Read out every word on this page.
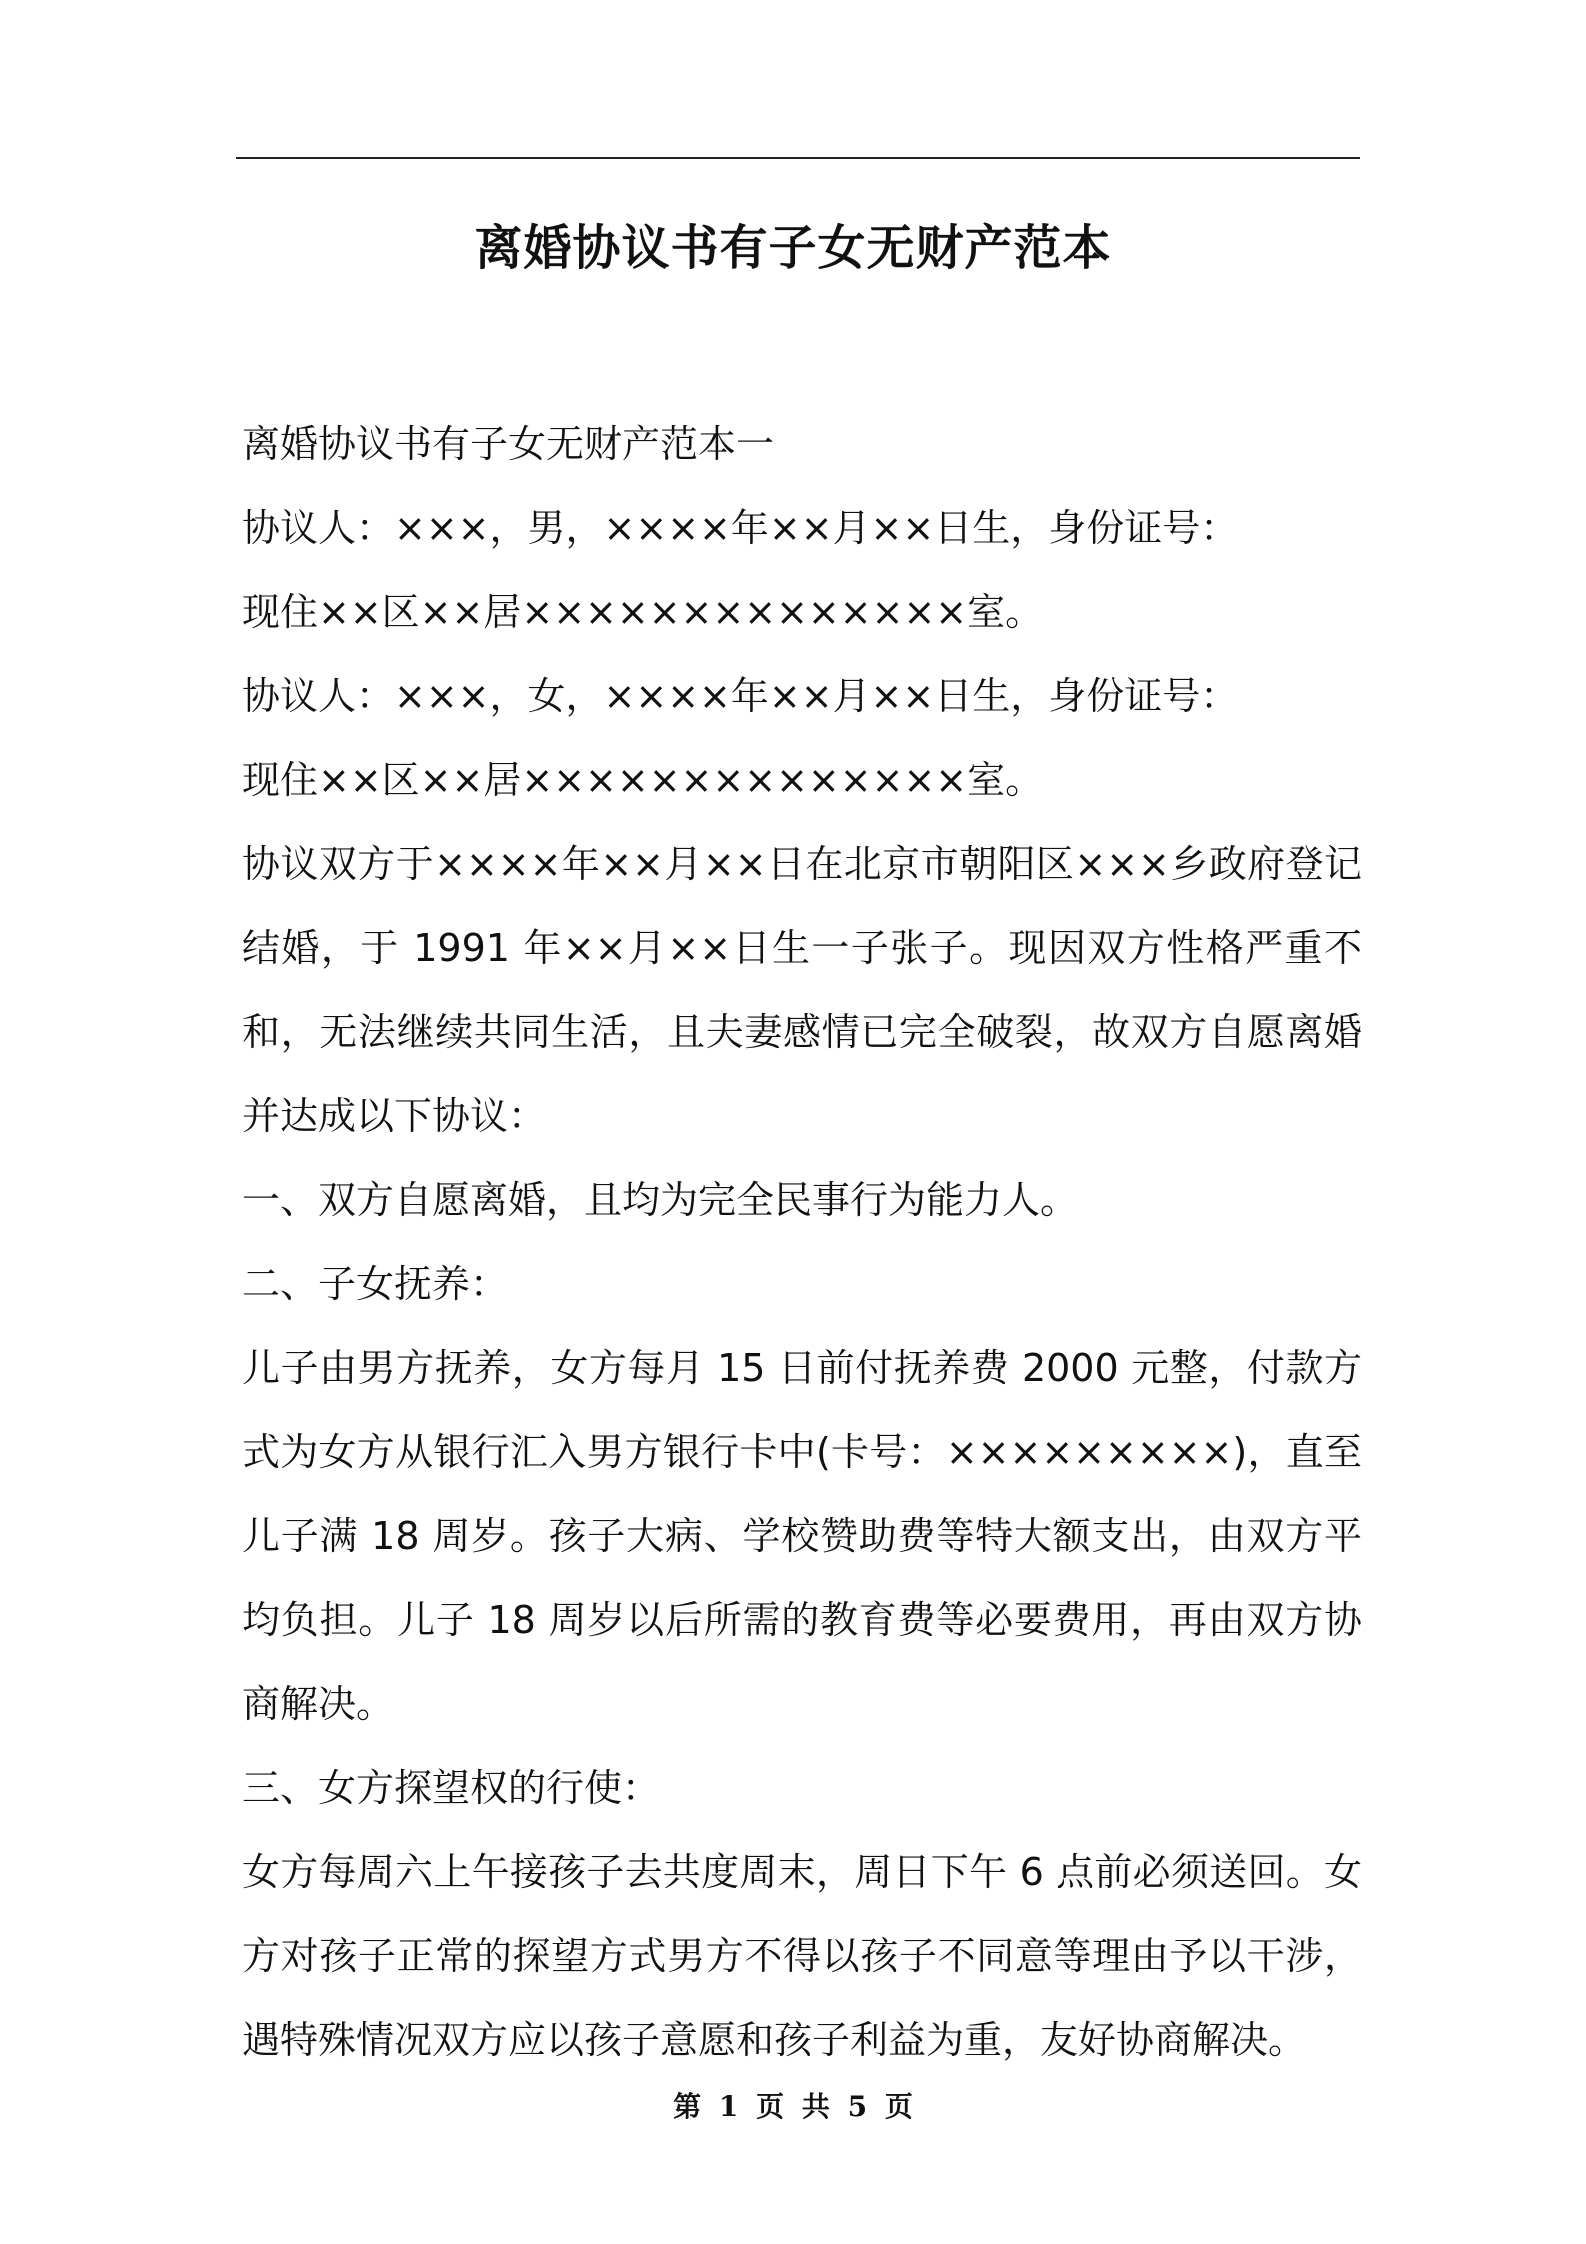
离婚协议书有子女无财产范本

离婚协议书有子女无财产范本一

协议人：×××，男，××××年××月××日生，身份证号：

现住××区××居××××××××××××××室。

协议人：×××，女，××××年××月××日生，身份证号：

现住××区××居××××××××××××××室。

协议双方于××××年××月××日在北京市朝阳区×××乡政府登记结婚，于 1991 年××月××日生一子张子。现因双方性格严重不和，无法继续共同生活，且夫妻感情已完全破裂，故双方自愿离婚并达成以下协议：

一、双方自愿离婚，且均为完全民事行为能力人。

二、子女抚养：

儿子由男方抚养，女方每月 15 日前付抚养费 2000 元整，付款方式为女方从银行汇入男方银行卡中(卡号：×××××××××)，直至儿子满 18 周岁。孩子大病、学校赞助费等特大额支出，由双方平均负担。儿子 18 周岁以后所需的教育费等必要费用，再由双方协商解决。

三、女方探望权的行使：

女方每周六上午接孩子去共度周末，周日下午 6 点前必须送回。女方对孩子正常的探望方式男方不得以孩子不同意等理由予以干涉，遇特殊情况双方应以孩子意愿和孩子利益为重，友好协商解决。

第 1 页 共 5 页
